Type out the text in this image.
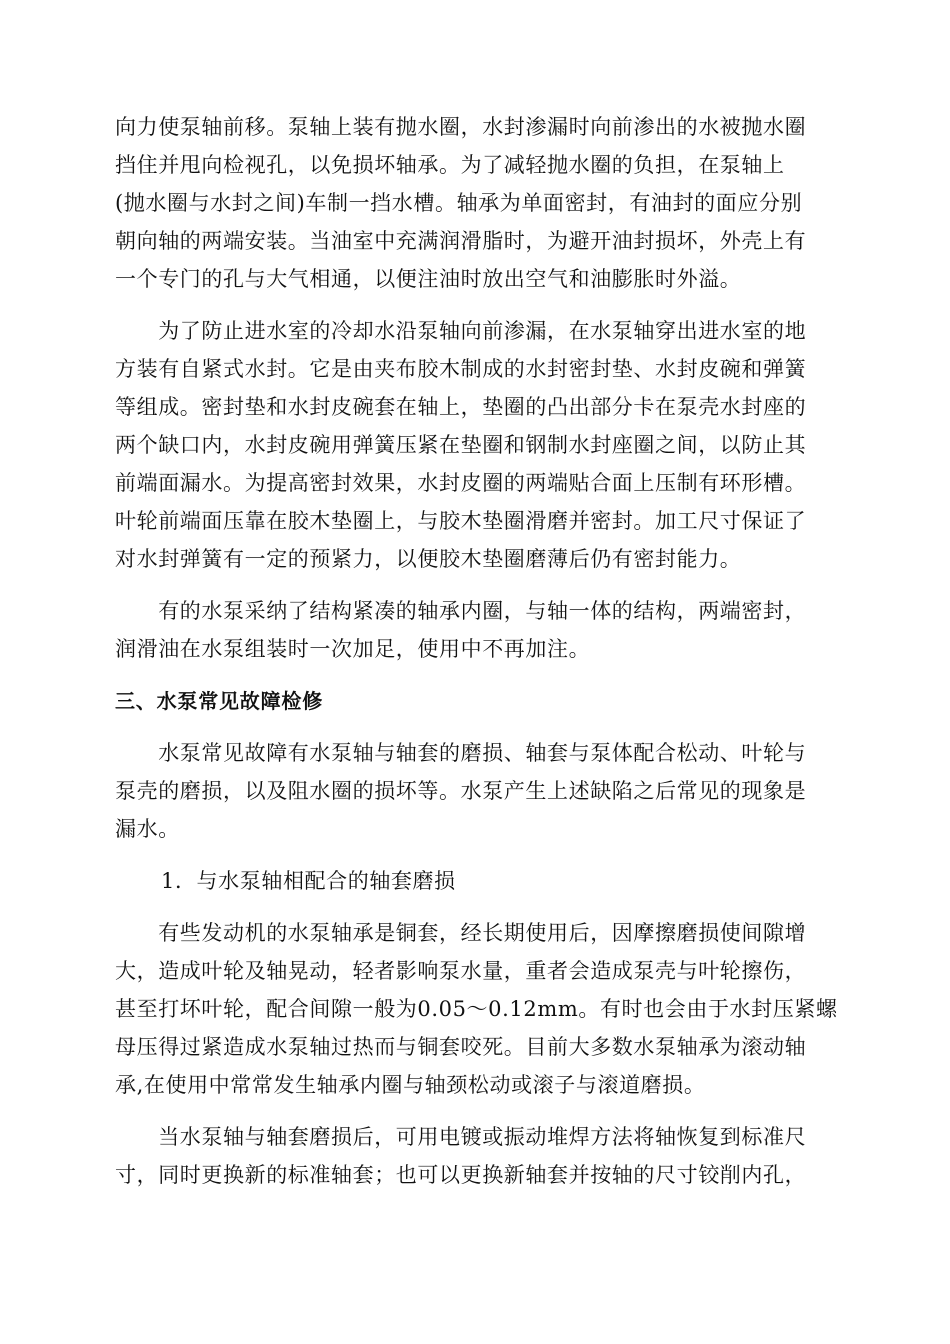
向力使泵轴前移。泵轴上装有抛水圈，水封渗漏时向前渗出的水被抛水圈
挡住并甩向检视孔，以免损坏轴承。为了减轻抛水圈的负担，在泵轴上
(抛水圈与水封之间)车制一挡水槽。轴承为单面密封，有油封的面应分别
朝向轴的两端安装。当油室中充满润滑脂时，为避开油封损坏，外壳上有
一个专门的孔与大气相通，以便注油时放出空气和油膨胀时外溢。
　　为了防止进水室的冷却水沿泵轴向前渗漏，在水泵轴穿出进水室的地
方装有自紧式水封。它是由夹布胶木制成的水封密封垫、水封皮碗和弹簧
等组成。密封垫和水封皮碗套在轴上，垫圈的凸出部分卡在泵壳水封座的
两个缺口内，水封皮碗用弹簧压紧在垫圈和钢制水封座圈之间，以防止其
前端面漏水。为提高密封效果，水封皮圈的两端贴合面上压制有环形槽。
叶轮前端面压靠在胶木垫圈上，与胶木垫圈滑磨并密封。加工尺寸保证了
对水封弹簧有一定的预紧力，以便胶木垫圈磨薄后仍有密封能力。
　　有的水泵采纳了结构紧凑的轴承内圈，与轴一体的结构，两端密封，
润滑油在水泵组装时一次加足，使用中不再加注。
三、水泵常见故障检修
　　水泵常见故障有水泵轴与轴套的磨损、轴套与泵体配合松动、叶轮与
泵壳的磨损，以及阻水圈的损坏等。水泵产生上述缺陷之后常见的现象是
漏水。
1．与水泵轴相配合的轴套磨损
　　有些发动机的水泵轴承是铜套，经长期使用后，因摩擦磨损使间隙增
大，造成叶轮及轴晃动，轻者影响泵水量，重者会造成泵壳与叶轮擦伤，
甚至打坏叶轮，配合间隙一般为0.05～0.12mm。有时也会由于水封压紧螺
母压得过紧造成水泵轴过热而与铜套咬死。目前大多数水泵轴承为滚动轴
承,在使用中常常发生轴承内圈与轴颈松动或滚子与滚道磨损。
　　当水泵轴与轴套磨损后，可用电镀或振动堆焊方法将轴恢复到标准尺
寸，同时更换新的标准轴套；也可以更换新轴套并按轴的尺寸铰削内孔，
